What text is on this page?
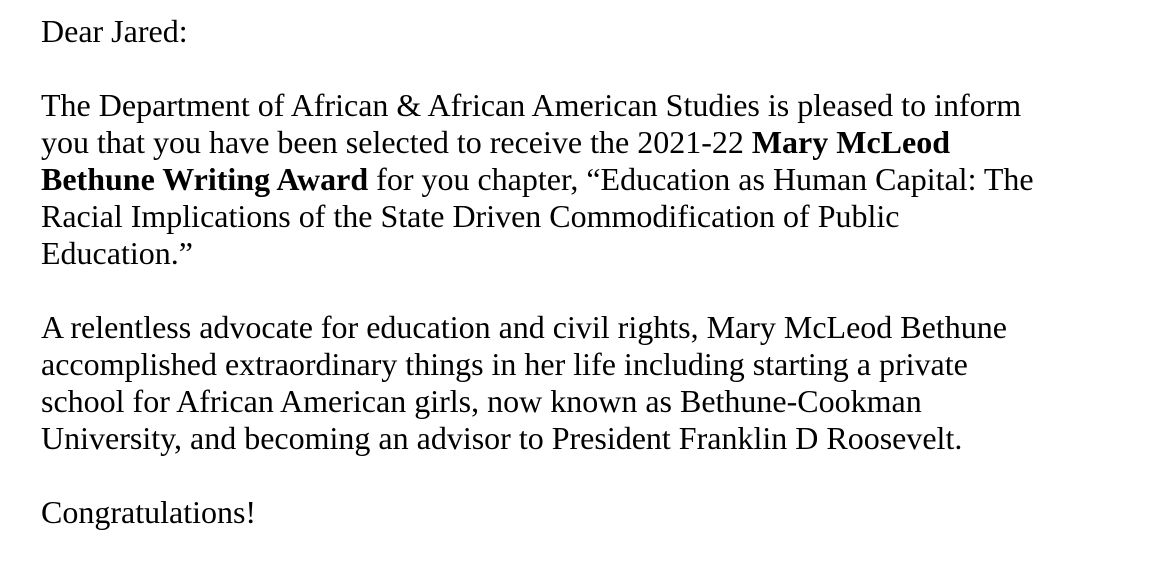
Dear Jared:
The Department of African & African American Studies is pleased to inform
you that you have been selected to receive the 2021-22 Mary McLeod
Bethune Writing Award for you chapter, “Education as Human Capital: The
Racial Implications of the State Driven Commodification of Public
Education.”
A relentless advocate for education and civil rights, Mary McLeod Bethune
accomplished extraordinary things in her life including starting a private
school for African American girls, now known as Bethune-Cookman
University, and becoming an advisor to President Franklin D Roosevelt.
Congratulations!
